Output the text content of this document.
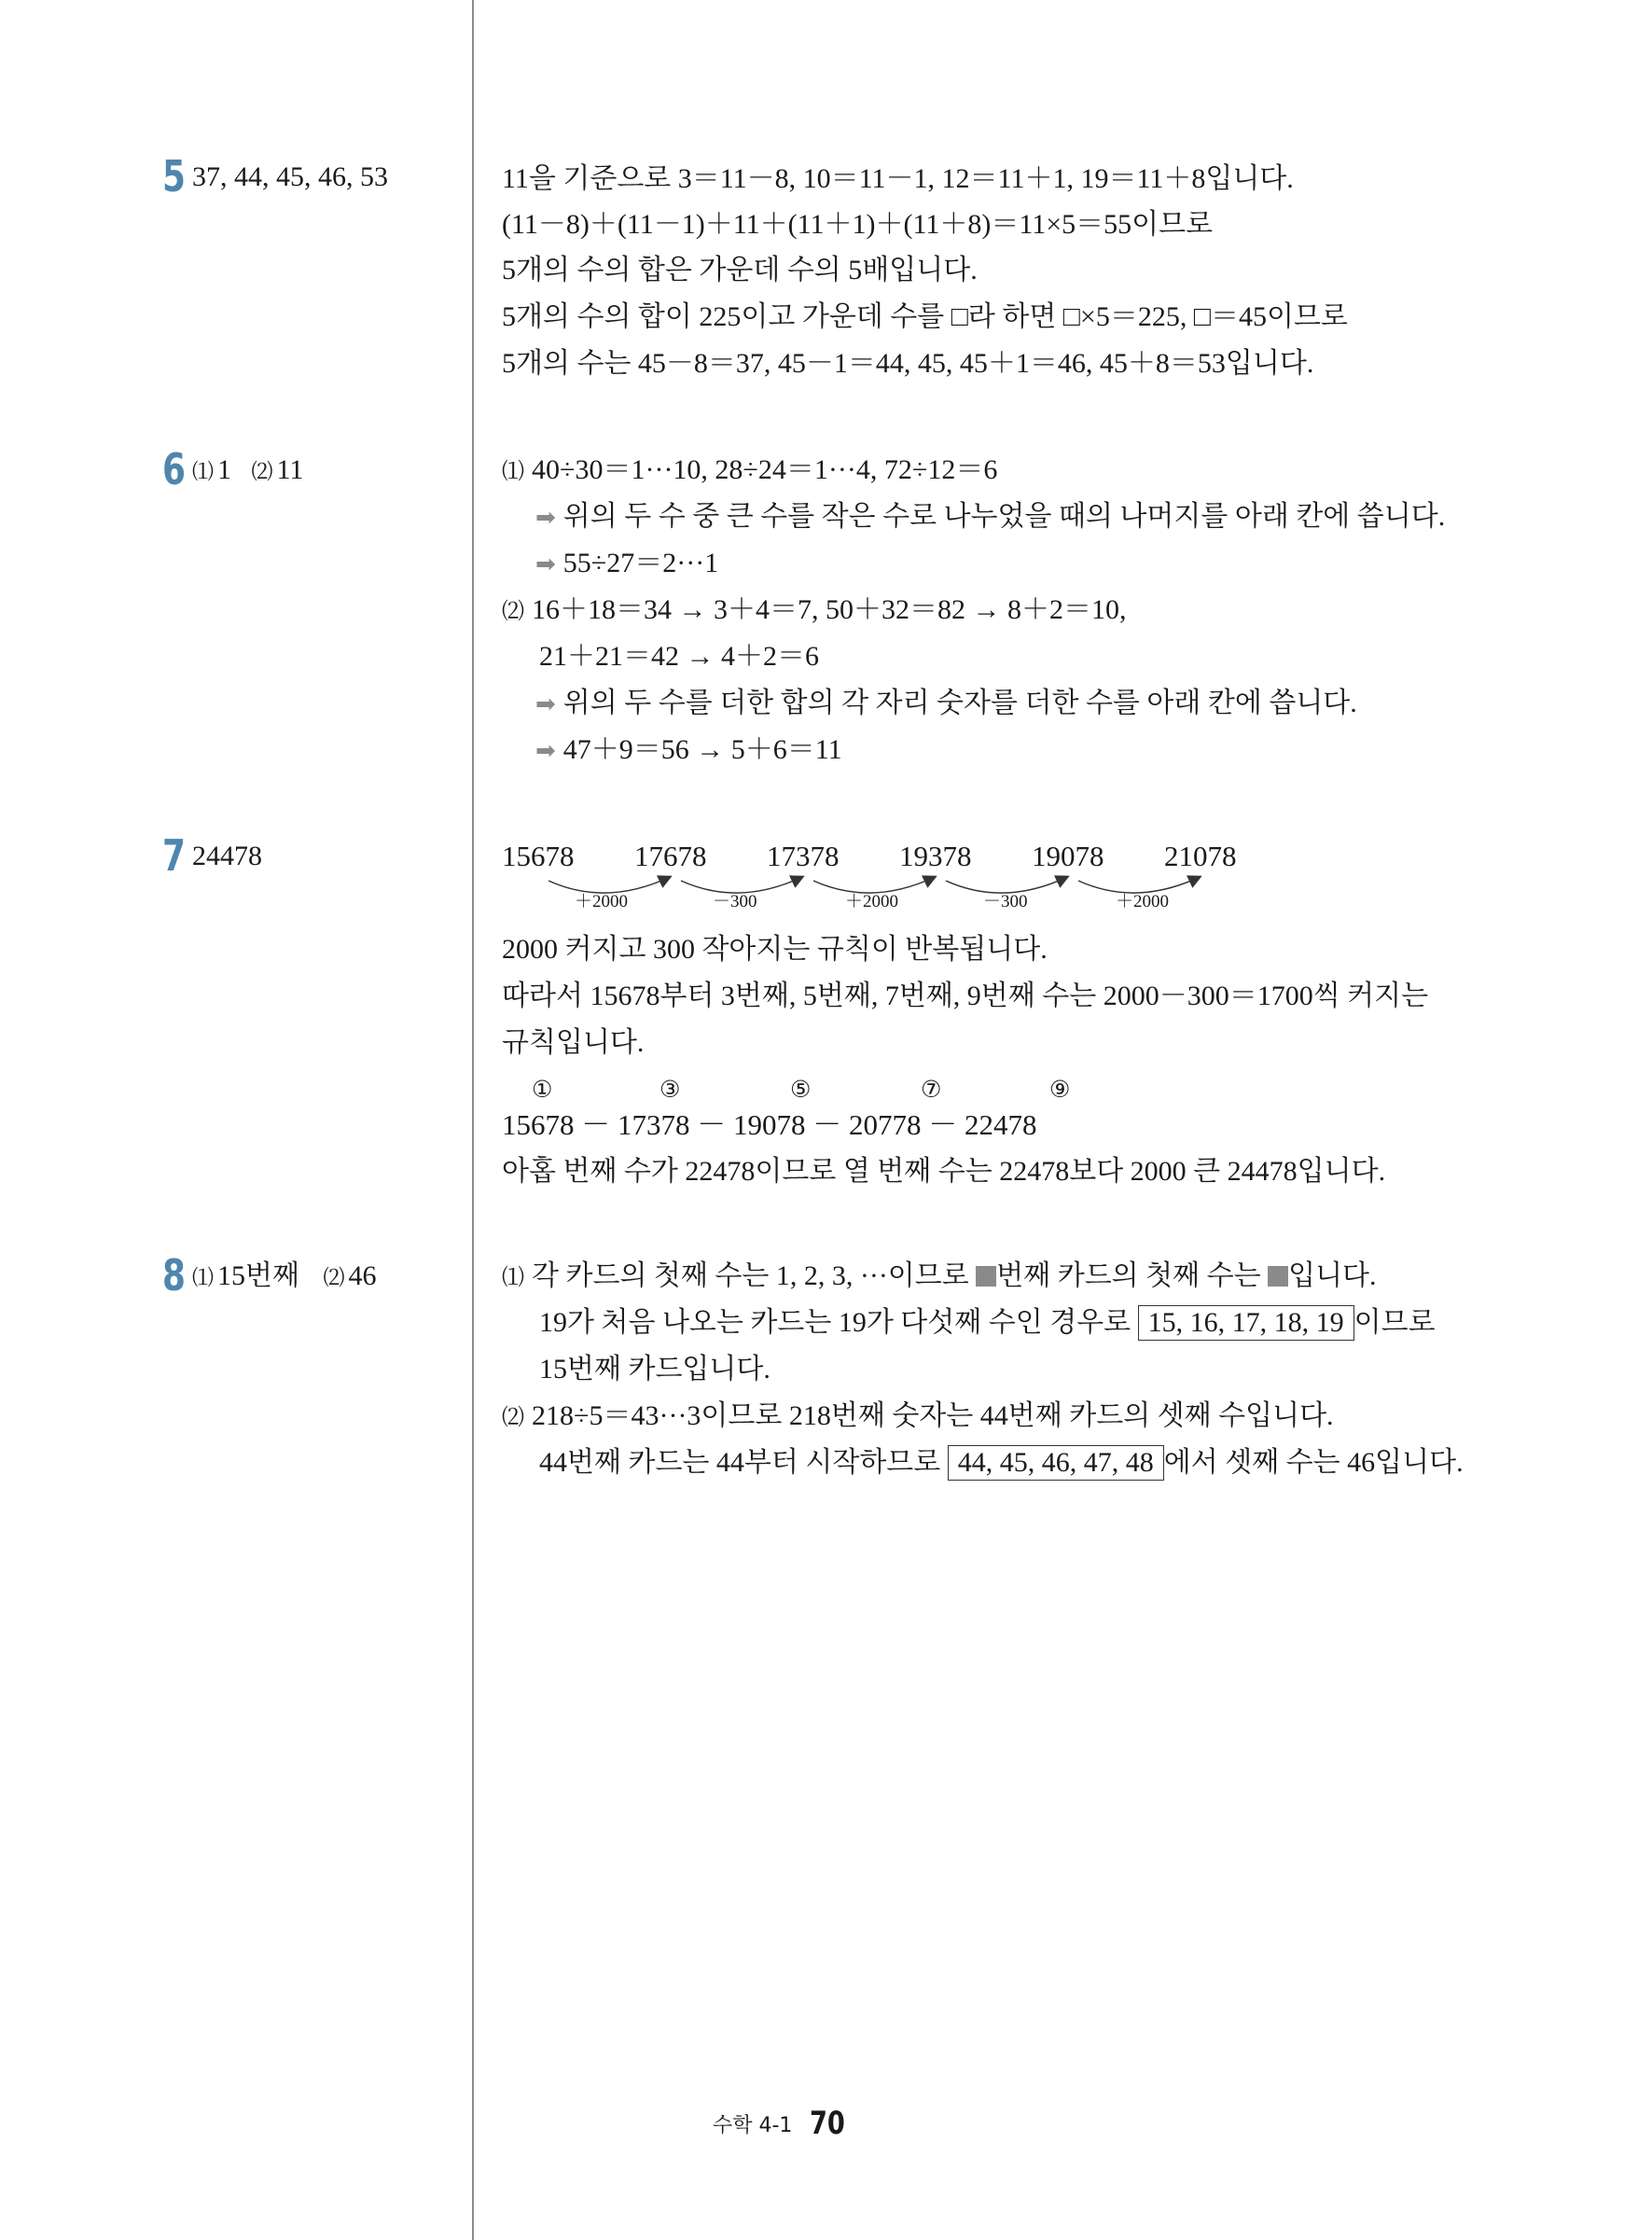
5 37, 44, 45, 46, 53	11을 기준으로 3＝11－8, 10＝11－1, 12＝11＋1, 19＝11＋8입니다.
(11－8)＋(11－1)＋11＋(11＋1)＋(11＋8)＝11×5＝55이므로
5개의 수의 합은 가운데 수의 5배입니다.
5개의 수의 합이 225이고 가운데 수를 □라 하면 □×5＝225, □＝45이므로
5개의 수는 45－8＝37, 45－1＝44, 45, 45＋1＝46, 45＋8＝53입니다.
6 ⑴ 1 ⑵ 11	⑴ 40÷30＝1···10, 28÷24＝1···4, 72÷12＝6
➡ 위의 두 수 중 큰 수를 작은 수로 나누었을 때의 나머지를 아래 칸에 씁니다.
➡ 55÷27＝2···1
⑵ 16＋18＝34 → 3＋4＝7, 50＋32＝82 → 8＋2＝10,
21＋21＝42 → 4＋2＝6
➡ 위의 두 수를 더한 합의 각 자리 숫자를 더한 수를 아래 칸에 씁니다.
➡ 47＋9＝56 → 5＋6＝11
7 24478	15678 17678 17378 19378 19078 21078
＋2000	－300	＋2000	－300	＋2000
2000 커지고 300 작아지는 규칙이 반복됩니다.
따라서 15678부터 3번째, 5번째, 7번째, 9번째 수는 2000－300＝1700씩 커지는
규칙입니다.
①	③	⑤	⑦	⑨
15678 － 17378 － 19078 － 20778 － 22478
아홉 번째 수가 22478이므로 열 번째 수는 22478보다 2000 큰 24478입니다.
8 ⑴ 15번째 ⑵ 46	⑴ 각 카드의 첫째 수는 1, 2, 3, ···이므로 번째 카드의 첫째 수는 입니다.
19가 처음 나오는 카드는 19가 다섯째 수인 경우로 15, 16, 17, 18, 19 이므로
15번째 카드입니다.
⑵ 218÷5＝43···3이므로 218번째 숫자는 44번째 카드의 셋째 수입니다.
44번째 카드는 44부터 시작하므로 44, 45, 46, 47, 48 에서 셋째 수는 46입니다.
수학 4-1 70
